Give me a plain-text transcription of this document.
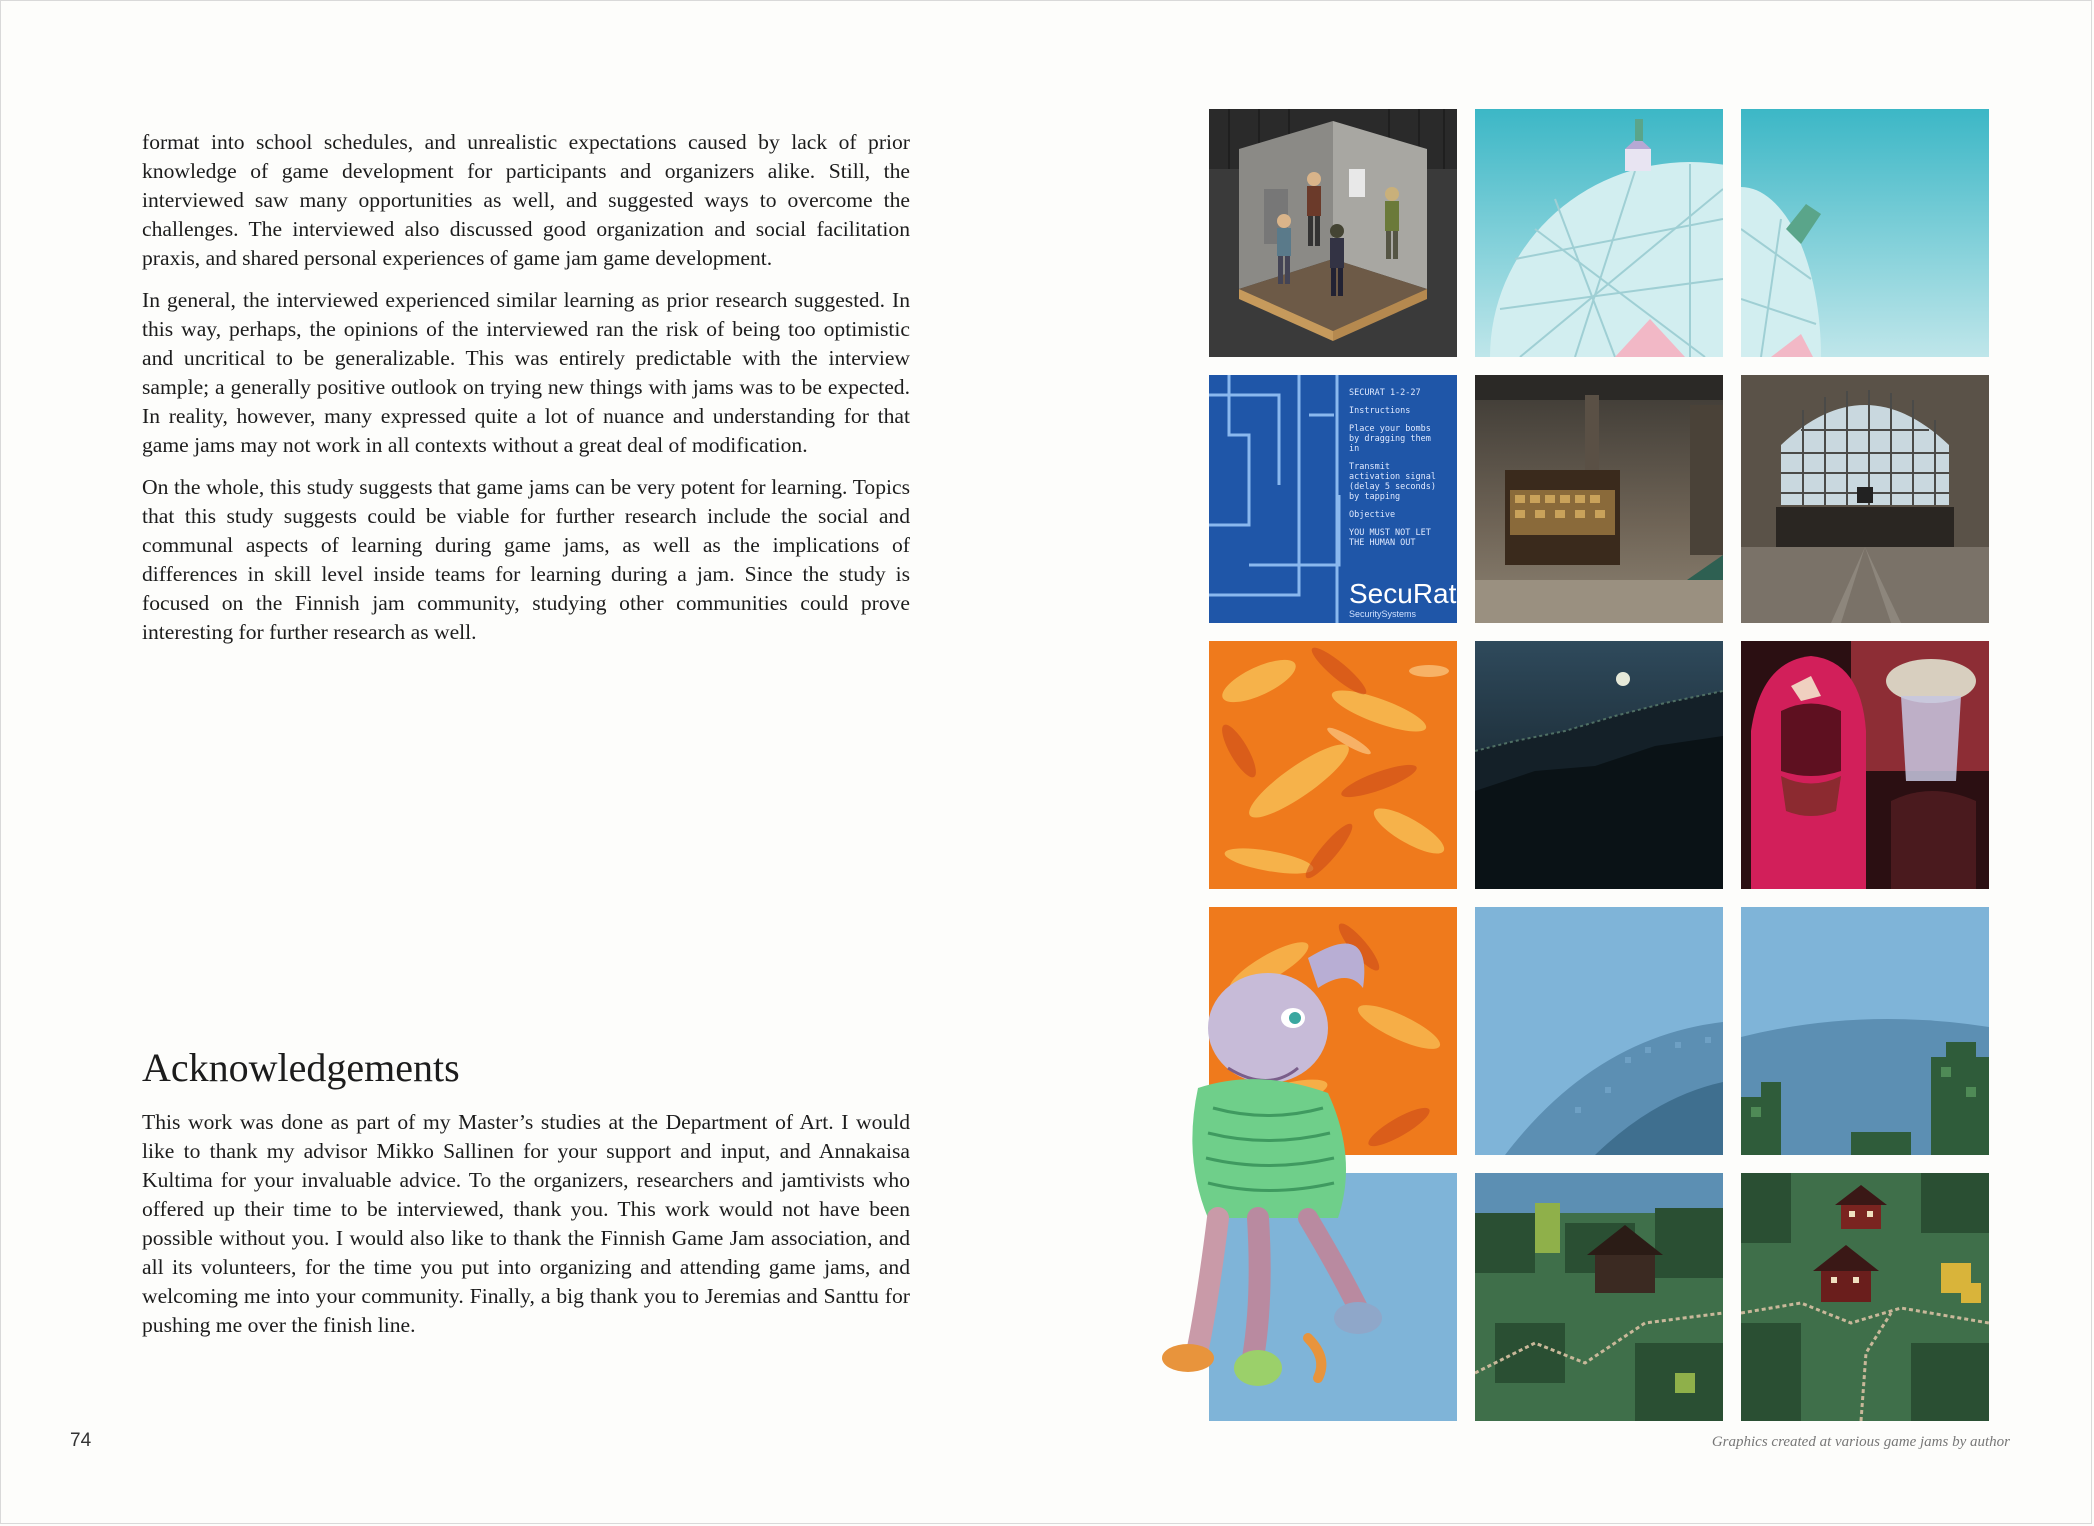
format into school schedules, and unrealistic expectations caused by lack of prior knowledge of game development for participants and organizers alike. Still, the interviewed saw many opportunities as well, and suggested ways to overcome the challenges. The interviewed also discussed good organization and social facilitation praxis, and shared personal experiences of game jam game development.

In general, the interviewed experienced similar learning as prior research suggested. In this way, perhaps, the opinions of the interviewed ran the risk of being too optimistic and uncritical to be generalizable. This was entirely predictable with the interview sample; a generally positive outlook on trying new things with jams was to be expected. In reality, however, many expressed quite a lot of nuance and understanding for that game jams may not work in all contexts without a great deal of modification.

On the whole, this study suggests that game jams can be very potent for learning. Topics that this study suggests could be viable for further research include the social and communal aspects of learning during game jams, as well as the implications of differences in skill level inside teams for learning during a jam. Since the study is focused on the Finnish jam community, studying other communities could prove interesting for further research as well.

Acknowledgements

This work was done as part of my Master’s studies at the Department of Art. I would like to thank my advisor Mikko Sallinen for your support and input, and Annakaisa Kultima for your invaluable advice. To the organizers, researchers and jamtivists who offered up their time to be interviewed, thank you. This work would not have been possible without you. I would also like to thank the Finnish Game Jam association, and all its volunteers, for the time you put into organizing and attending game jams, and welcoming me into your community. Finally, a big thank you to Jeremias and Santtu for pushing me over the finish line.

74	Graphics created at various game jams by author
SECURAT 1-2-27
Instructions
Place your bombs
by dragging them
in
Transmit
activation signal
(delay 5 seconds)
by tapping
Objective
YOU MUST NOT LET
THE HUMAN OUT
SecuRat
SecuritySystems
